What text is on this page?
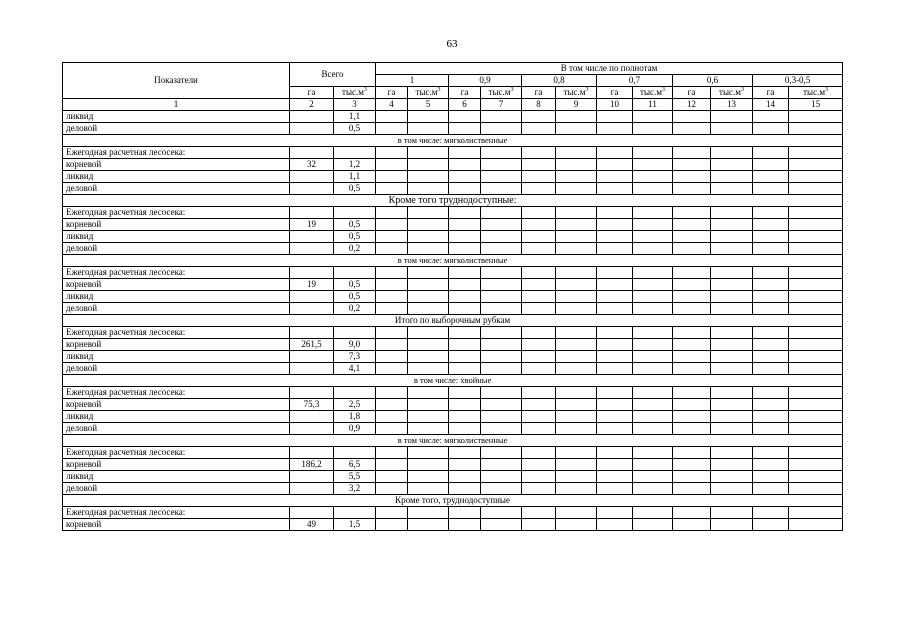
63
Показатели	Всего		В том числе по полнотам											
			1		0,9		0,8		0,7		0,6		0,3-0,5	
	га	$тыс.м^3$	га	$тыс.м^3$	га	$тыс.м^3$	га	$тыс.м^3$	га	$тыс.м^3$	га	$тыс.м^3$	га	$тыс.м^3$
1	2	3	4	5	6	7	8	9	10	11	12	13	14	15
ликвид		1,1												
деловой		0,5												
в том числе: мягколиственные														
Ежегодная расчетная лесосека:														
корневой	32	1,2												
ликвид		1,1												
деловой		0,5												
Кроме того труднодоступные:														
Ежегодная расчетная лесосека:														
корневой	19	0,5												
ликвид		0,5												
деловой		0,2												
в том числе: мягколиственные														
Ежегодная расчетная лесосека:														
корневой	19	0,5												
ликвид		0,5												
деловой		0,2												
Итого по выборочным рубкам														
Ежегодная расчетная лесосека:														
корневой	261,5	9,0												
ликвид		7,3												
деловой		4,1												
в том числе: хвойные														
Ежегодная расчетная лесосека:														
корневой	75,3	2,5												
ликвид		1,8												
деловой		0,9												
в том числе: мягколиственные														
Ежегодная расчетная лесосека:														
корневой	186,2	6,5												
ликвид		5,5												
деловой		3,2												
Кроме того, труднодоступные														
Ежегодная расчетная лесосека:														
корневой	49	1,5												
